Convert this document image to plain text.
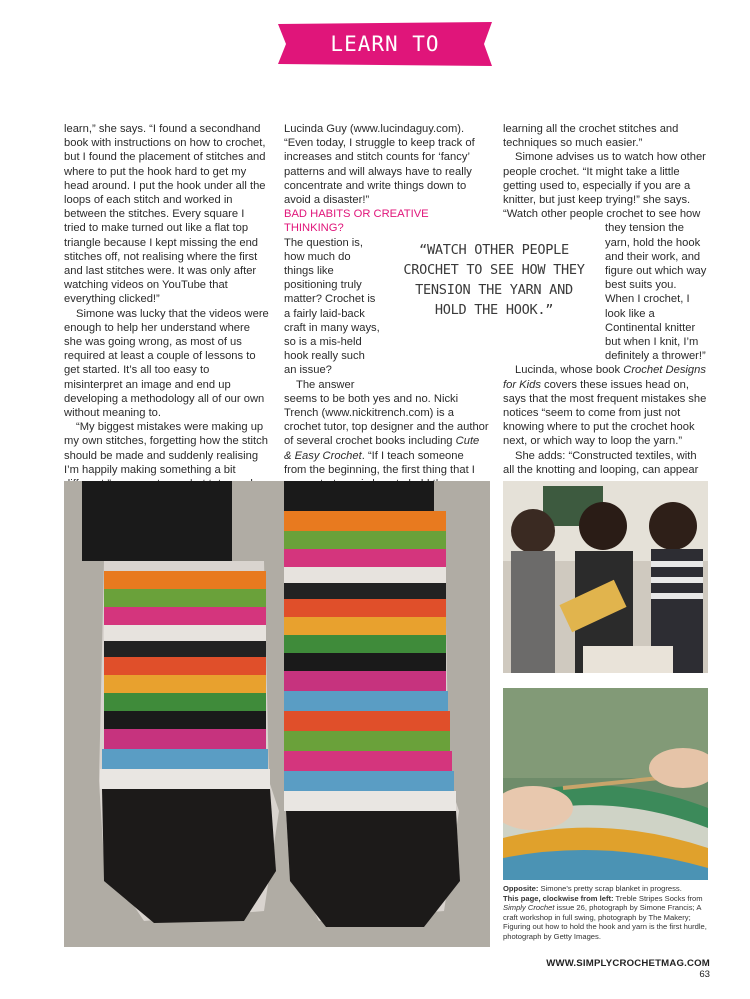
LEARN TO CROCHET

learn,” she says. “I found a secondhand book with instructions on how to crochet, but I found the placement of stitches and where to put the hook hard to get my head around. I put the hook under all the loops of each stitch and worked in between the stitches. Every square I tried to make turned out like a flat top triangle because I kept missing the end stitches off, not realising where the first and last stitches were. It was only after watching videos on YouTube that everything clicked!”

Simone was lucky that the videos were enough to help her understand where she was going wrong, as most of us required at least a couple of lessons to get started. It’s all too easy to misinterpret an image and end up developing a methodology all of our own without meaning to.

“My biggest mistakes were making up my own stitches, forgetting how the stitch should be made and suddenly realising I’m happily making something a bit

Lucinda Guy (www.lucindaguy.com). “Even today, I struggle to keep track of increases and stitch counts for ‘fancy’ patterns and will always have to really concentrate and write things down to avoid a disaster!”

BAD HABITS OR CREATIVE THINKING?

The question is, how much do things like positioning truly matter? Crochet is a fairly laid-back craft in many ways, so is a mis-held hook really such an issue?

The answer

seems to be both yes and no. Nicki Trench (www.nickitrench.com) is a crochet tutor, top designer and the author of several crochet books including Cute & Easy Crochet. “If I teach someone from the beginning, the first thing that I

learning all the crochet stitches and techniques so much easier.”

Simone advises us to watch how other people crochet. “It might take a little getting used to, especially if you are a knitter, but just keep trying!” she says. “Watch other people crochet to see how

they tension the yarn, hold the hook and their work, and figure out which way best suits you. When I crochet, I look like a Continental knitter but when I knit, I’m definitely a thrower!”

Lucinda, whose book Crochet Designs for Kids covers these issues head on, says that the most frequent mistakes she notices “seem to come from just not knowing where to put the crochet hook next, or which way to loop the yarn.”

She adds: “Constructed textiles, with all the knotting and looping, can appear

“WATCH OTHER PEOPLE CROCHET TO SEE HOW THEY TENSION THE YARN AND HOLD THE HOOK.”
Opposite: Simone’s pretty scrap blanket in progress.
This page, clockwise from left: Treble Stripes Socks from Simply Crochet issue 26, photograph by Simone Francis; A craft workshop in full swing, photograph by The Makery; Figuring out how to hold the hook and yarn is the first hurdle, photograph by Getty Images.
WWW.SIMPLYCROCHETMAG.COM 63
